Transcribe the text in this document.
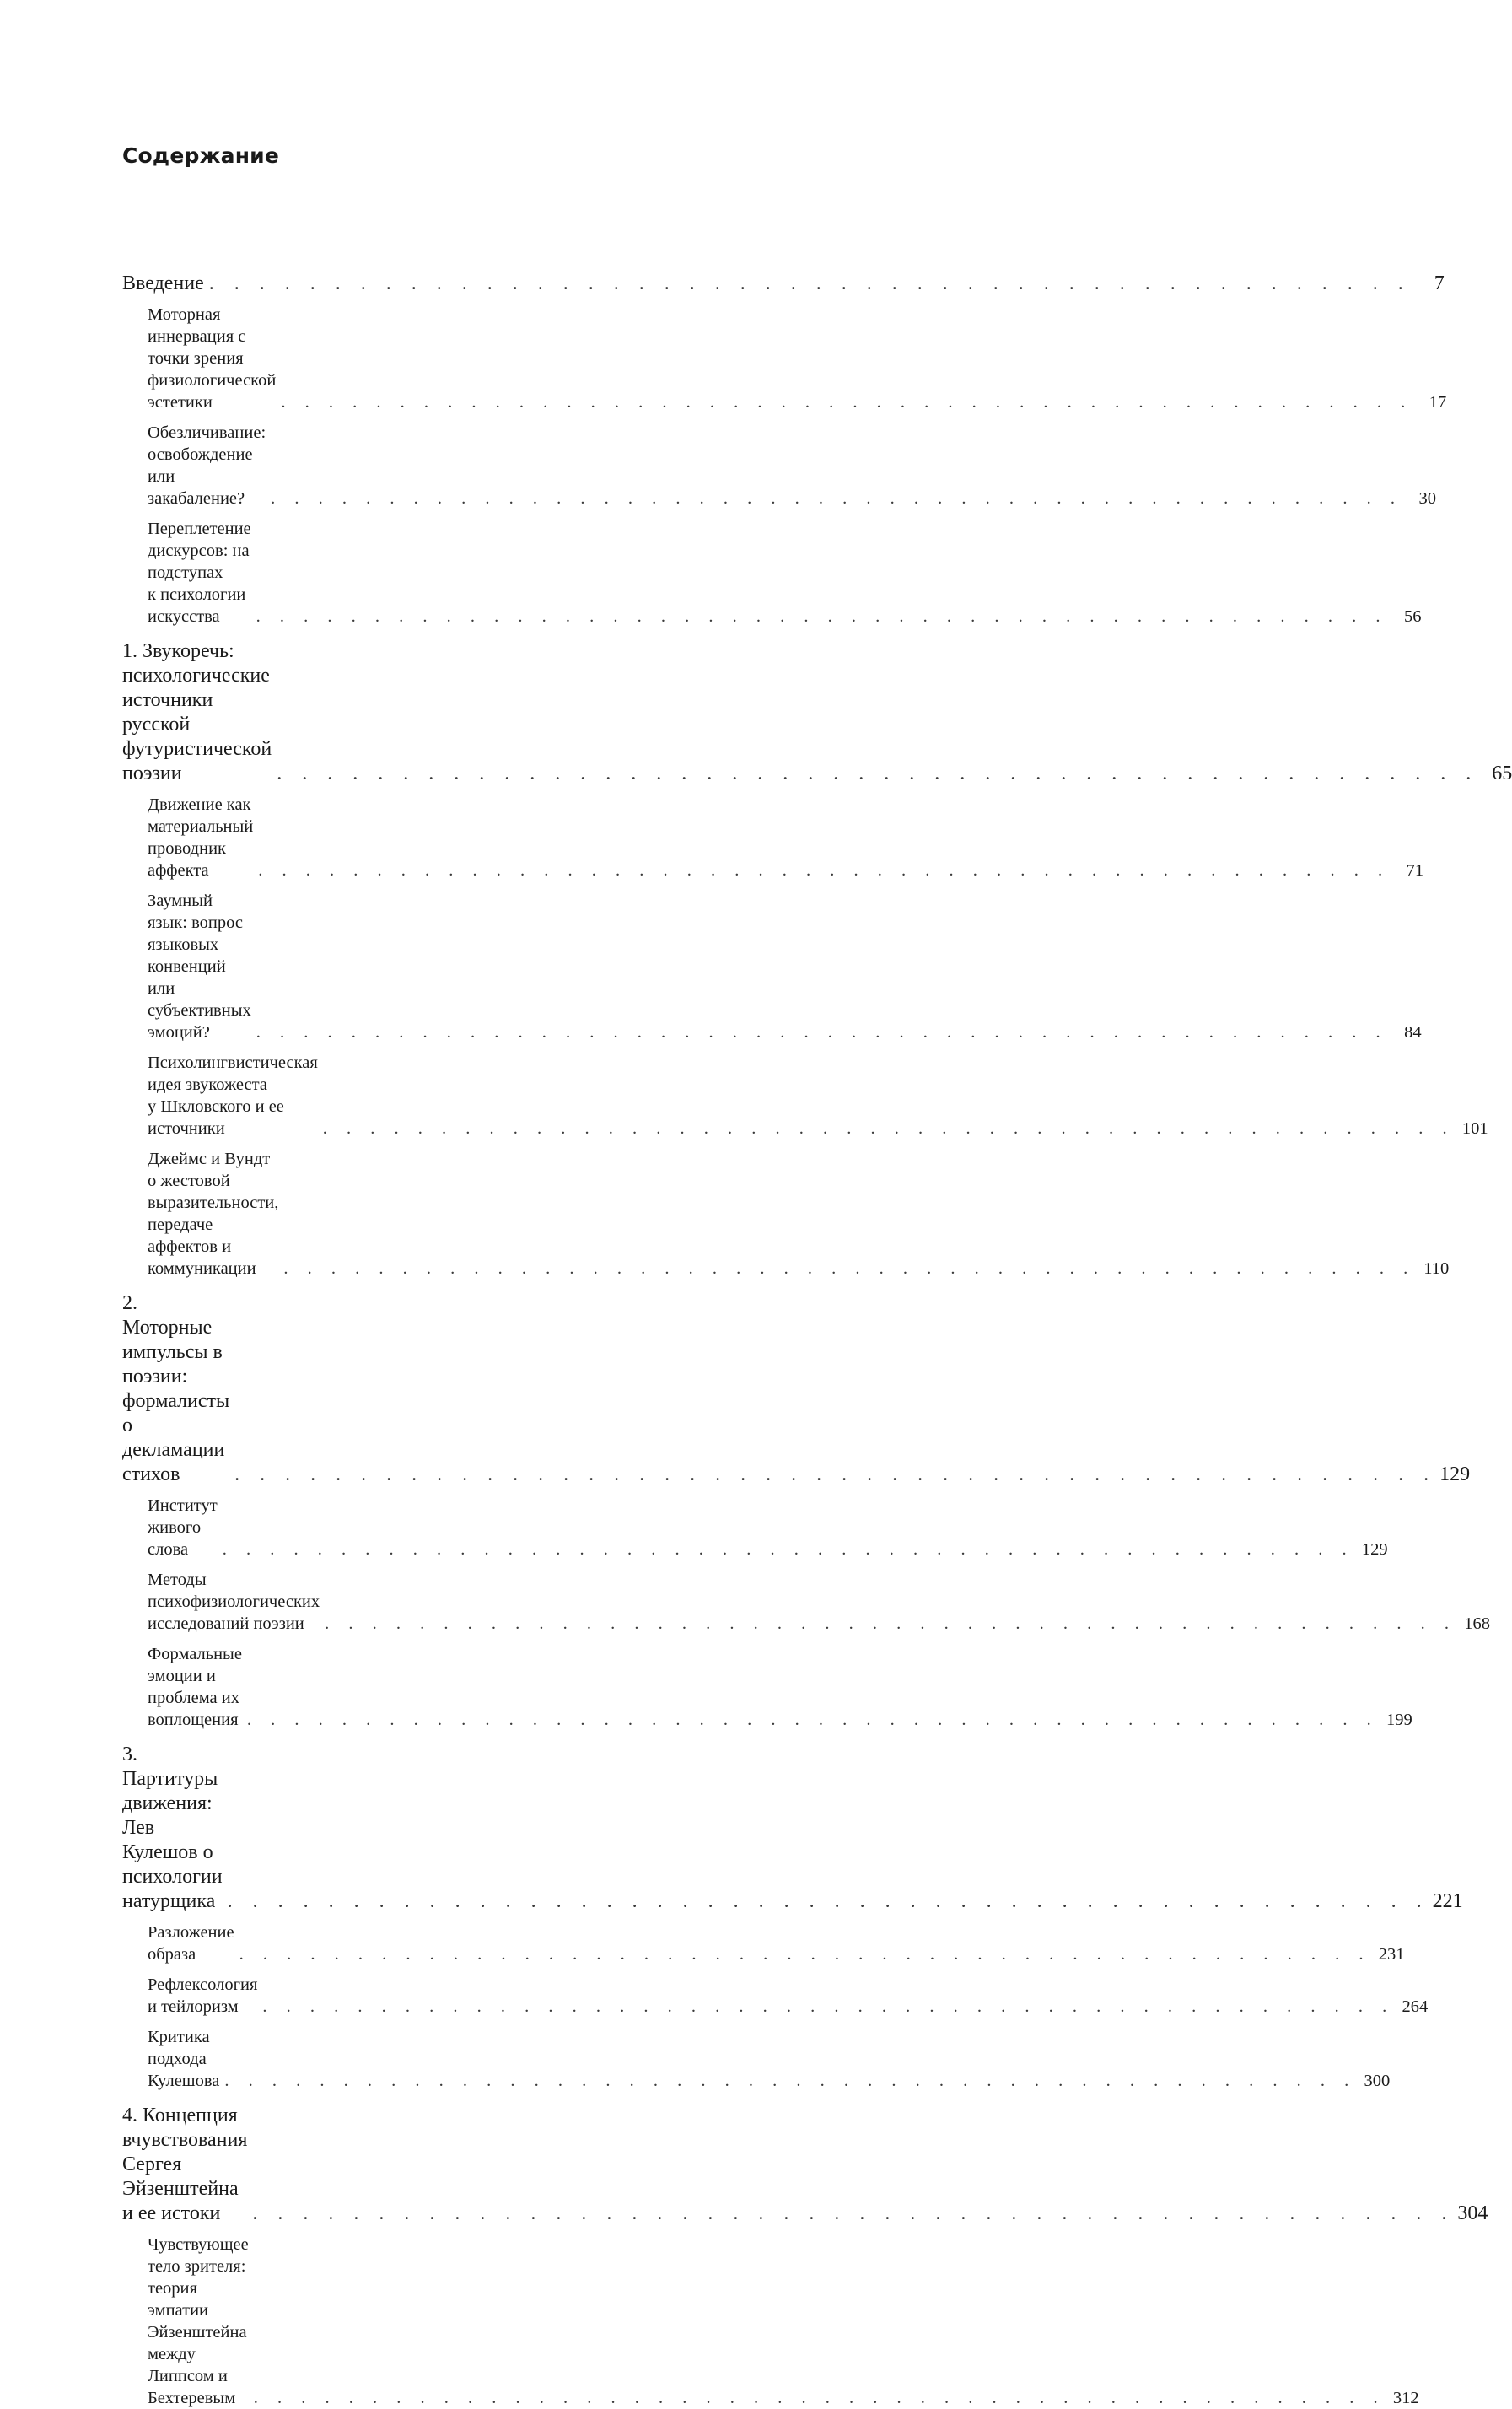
Содержание
Введение . . . . . . . . . . . . . . . . . . . . . . . . . . . . . . . . . . . . . . . . . . . . . . . .	7
Моторная иннервация с точки зрения
физиологической эстетики	. . . . . . . . . . . . . . . . . . . . . . . . . . . . . . . . . . . . . . . . . . . . . . . . 17
Обезличивание: освобождение или закабаление?	. . . . . . . . . . . . . . . . . . . . . . . . . . . . . . . . . . . . . . . . . . . . . . . . 30
Переплетение дискурсов: на подступах
к психологии искусства	. . . . . . . . . . . . . . . . . . . . . . . . . . . . . . . . . . . . . . . . . . . . . . . . 56
1. Звукоречь: психологические источники
русской футуристической поэзии	. . . . . . . . . . . . . . . . . . . . . . . . . . . . . . . . . . . . . . . . . . . . . . . . 65
Движение как материальный проводник аффекта	. . . . . . . . . . . . . . . . . . . . . . . . . . . . . . . . . . . . . . . . . . . . . . . . 71
Заумный язык: вопрос языковых конвенций
или субъективных эмоций?	. . . . . . . . . . . . . . . . . . . . . . . . . . . . . . . . . . . . . . . . . . . . . . . . 84
Психолингвистическая идея звукожеста
у Шкловского и ее источники	. . . . . . . . . . . . . . . . . . . . . . . . . . . . . . . . . . . . . . . . . . . . . . . . 101
Джеймс и Вундт о жестовой выразительности,
передаче аффектов и коммуникации	. . . . . . . . . . . . . . . . . . . . . . . . . . . . . . . . . . . . . . . . . . . . . . . . 110
2. Моторные импульсы в поэзии:
формалисты о декламации стихов	. . . . . . . . . . . . . . . . . . . . . . . . . . . . . . . . . . . . . . . . . . . . . . . . 129
Институт живого слова	. . . . . . . . . . . . . . . . . . . . . . . . . . . . . . . . . . . . . . . . . . . . . . . . 129
Методы психофизиологических исследований поэзии	. . . . . . . . . . . . . . . . . . . . . . . . . . . . . . . . . . . . . . . . . . . . . . . . 168
Формальные эмоции и проблема их воплощения . . . . . . . . . . . . . . . . . . . . . . . . . . . . . . . . . . . . . . . . . . . . . . . . 199
3. Партитуры движения:
Лев Кулешов о психологии натурщика . . . . . . . . . . . . . . . . . . . . . . . . . . . . . . . . . . . . . . . . . . . . . . . . 221
Разложение образа	. . . . . . . . . . . . . . . . . . . . . . . . . . . . . . . . . . . . . . . . . . . . . . . . 231
Рефлексология и тейлоризм	. . . . . . . . . . . . . . . . . . . . . . . . . . . . . . . . . . . . . . . . . . . . . . . . 264
Критика подхода Кулешова . . . . . . . . . . . . . . . . . . . . . . . . . . . . . . . . . . . . . . . . . . . . . . . . 300
4. Концепция вчувствования
Сергея Эйзенштейна и ее истоки	. . . . . . . . . . . . . . . . . . . . . . . . . . . . . . . . . . . . . . . . . . . . . . . . 304
Чувствующее тело зрителя:
теория эмпатии Эйзенштейна между
Липпсом и Бехтеревым	. . . . . . . . . . . . . . . . . . . . . . . . . . . . . . . . . . . . . . . . . . . . . . . . 312
